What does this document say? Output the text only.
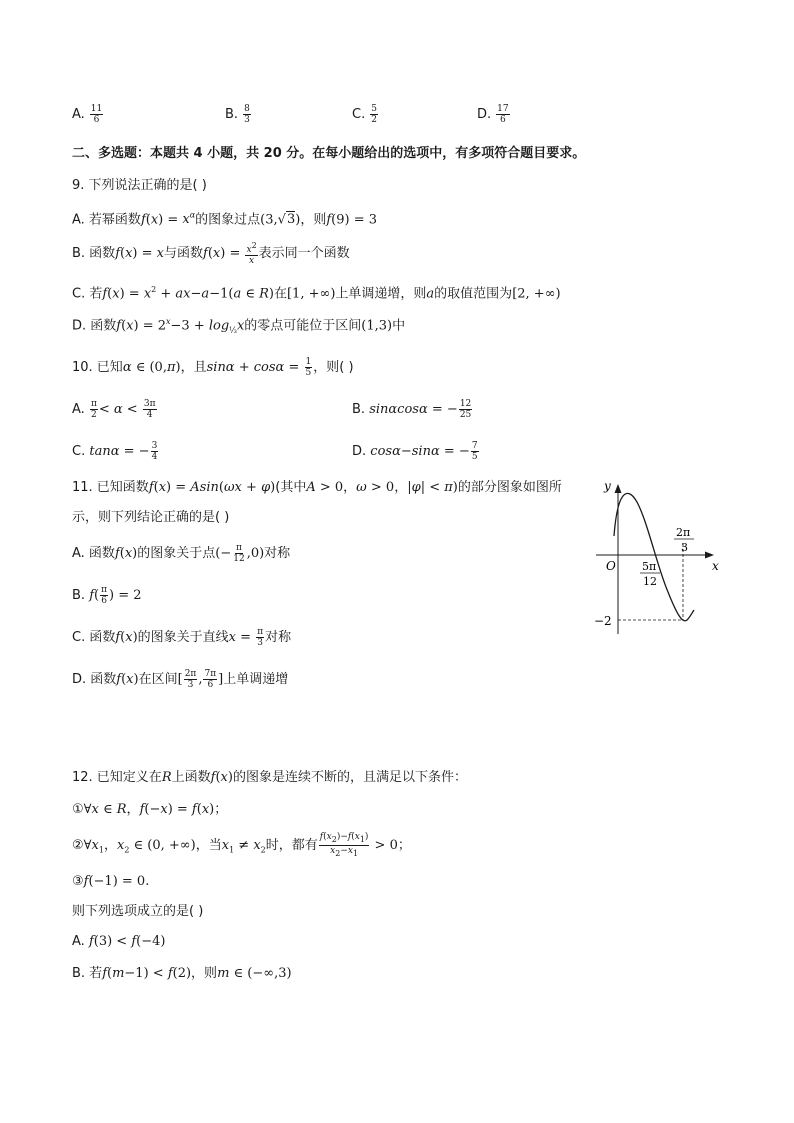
A. $\frac{11}{6}$	B. $\frac{8}{3}$	C. $\frac{5}{2}$	D. $\frac{17}{6}$
二、多选题：本题共 4 小题，共 20 分。在每小题给出的选项中，有多项符合题目要求。
9. 下列说法正确的是( )
A. 若幂函数$f(x) = x^\alpha$的图象过点(3,√3)，则f(9) = 3
B. 函数f(x) = x与函数$f(x) = \frac{x^2}{x}$ 表示同一个函数
C. 若$f(x) = x^2 + ax-a-1(a$ ∈ R)在[1, +∞)上单调递增，则a的取值范围为[2, +∞)
D. 函数$f(x) = 2^x-3 + \log_{\frac{1}{3}}x$的零点可能位于区间(1,3)中
10. 已知α ∈ (0,π)，且$\sin\alpha + \cos\alpha = \frac{1}{5}$ ，则( )
A. $\frac{\pi}{2} < \alpha < \frac{3\pi}{4}$	B. sinαcosα = − $\frac{12}{25}$
C. tanα = − $\frac{3}{4}$	D. cosα−sinα = − $\frac{7}{5}$
11. 已知函数f(x) = Asin(ωx + φ)(其中A > 0，ω > 0，|φ| < π)的部分图象如图所
示，则下列结论正确的是( )
A. 函数f(x)的图象关于点(− $\frac{\pi}{12} ,0$)对称
B. $f( \frac{\pi}{6}$ ) = 2
C. 函数f(x)的图象关于直线$x = \frac{\pi}{3}$ 对称
D. 函数f(x)在区间[ $\frac{2\pi}{3}$ , $\frac{7\pi}{6}$ ]上单调递增
y
x
O
2π
3
5π
12
−2
12. 已知定义在R上函数f(x)的图象是连续不断的，且满足以下条件：
①∀x ∈ R，f(−x) = f(x)；
$②\forall x_1$，$x_2$ ∈ (0, +∞)，当$x_1 \ne x_2$时，都有 $\frac{f(x_2)-f(x_1)}{x_2-x_1} > 0$；
③f(−1) = 0.
则下列选项成立的是( )
A. f(3) < f(−4)
B. 若f(m−1) < f(2)，则m ∈ (−∞,3)
